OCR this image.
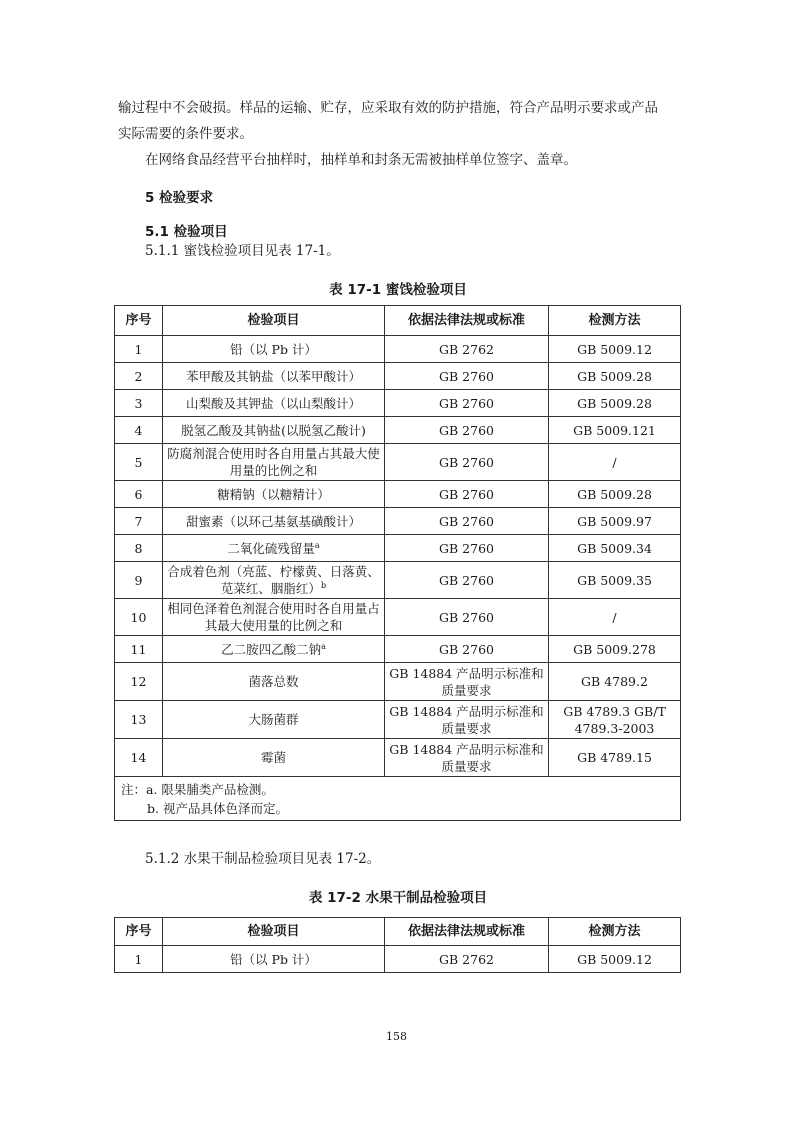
输过程中不会破损。样品的运输、贮存，应采取有效的防护措施，符合产品明示要求或产品
实际需要的条件要求。
在网络食品经营平台抽样时，抽样单和封条无需被抽样单位签字、盖章。
5 检验要求
5.1 检验项目
5.1.1 蜜饯检验项目见表 17-1。
表 17-1 蜜饯检验项目
序号	检验项目	依据法律法规或标准	检测方法
1	铅（以 Pb 计）	GB 2762	GB 5009.12
2	苯甲酸及其钠盐（以苯甲酸计）	GB 2760	GB 5009.28
3	山梨酸及其钾盐（以山梨酸计）	GB 2760	GB 5009.28
4	脱氢乙酸及其钠盐(以脱氢乙酸计)	GB 2760	GB 5009.121
5	防腐剂混合使用时各自用量占其最大使用量的比例之和	GB 2760	/
6	糖精钠（以糖精计）	GB 2760	GB 5009.28
7	甜蜜素（以环己基氨基磺酸计）	GB 2760	GB 5009.97
8	二氧化硫残留量$^a$	GB 2760	GB 5009.34
9	合成着色剂（亮蓝、柠檬黄、日落黄、苋菜红、胭脂红）$^b$	GB 2760	GB 5009.35
10	相同色泽着色剂混合使用时各自用量占其最大使用量的比例之和	GB 2760	/
11	乙二胺四乙酸二钠$^a$	GB 2760	GB 5009.278
12	菌落总数	GB 14884 产品明示标准和质量要求	GB 4789.2
13	大肠菌群	GB 14884 产品明示标准和质量要求	GB 4789.3 GB/T 4789.3-2003
14	霉菌	GB 14884 产品明示标准和质量要求	GB 4789.15

注：a. 限果脯类产品检测。
b. 视产品具体色泽而定。			
5.1.2 水果干制品检验项目见表 17-2。
表 17-2 水果干制品检验项目
序号	检验项目	依据法律法规或标准	检测方法
1	铅（以 Pb 计）	GB 2762	GB 5009.12
158
